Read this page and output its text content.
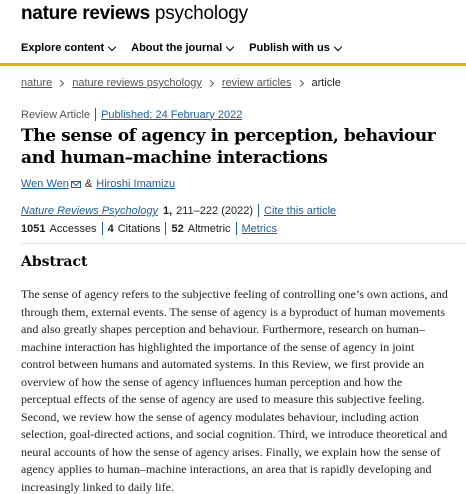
nature reviews psychology
Explore content About the journal Publish with us
nature nature reviews psychology review articles article
Review Article Published: 24 February 2022
The sense of agency in perception, behaviour and human–machine interactions
Wen Wen & Hiroshi Imamizu
Nature Reviews Psychology 1, 211–222 (2022) Cite this article
1051 Accesses 4 Citations 52 Altmetric Metrics
Abstract

The sense of agency refers to the subjective feeling of controlling one’s own actions, and through them, external events. The sense of agency is a byproduct of human movements and also greatly shapes perception and behaviour. Furthermore, research on human–machine interaction has highlighted the importance of the sense of agency in joint control between humans and automated systems. In this Review, we first provide an overview of how the sense of agency influences human perception and how the perceptual effects of the sense of agency are used to measure this subjective feeling. Second, we review how the sense of agency modulates behaviour, including action selection, goal-directed actions, and social cognition. Third, we introduce theoretical and neural accounts of how the sense of agency arises. Finally, we explain how the sense of agency applies to human–machine interactions, an area that is rapidly developing and increasingly linked to daily life.
